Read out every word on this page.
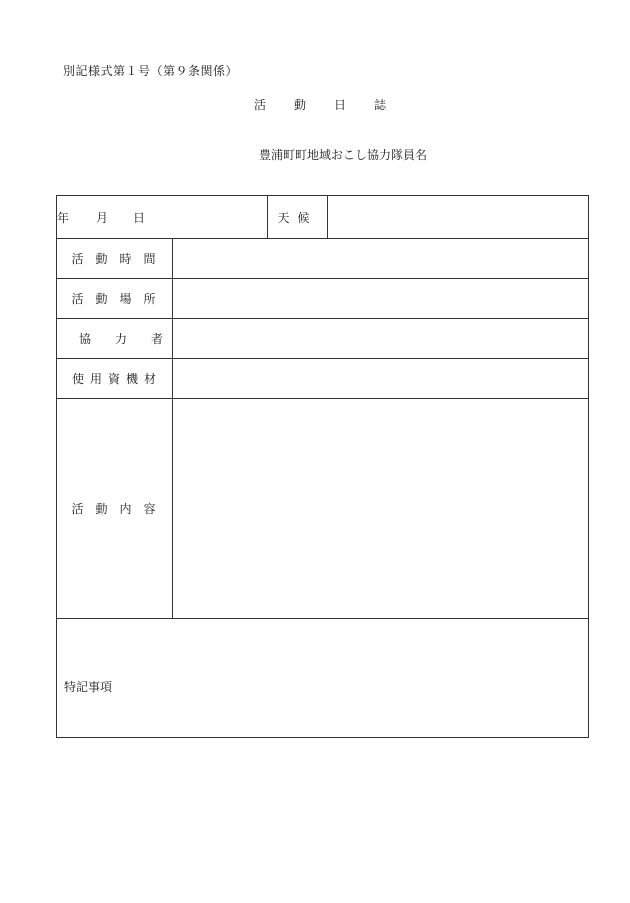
別記様式第１号（第９条関係）
活 動 日 誌
豊浦町町地域おこし協力隊員名
年 月 日		天候	
活動時間			
活動場所			
協力者			
使用資機材			
活動内容			

特記事項			
